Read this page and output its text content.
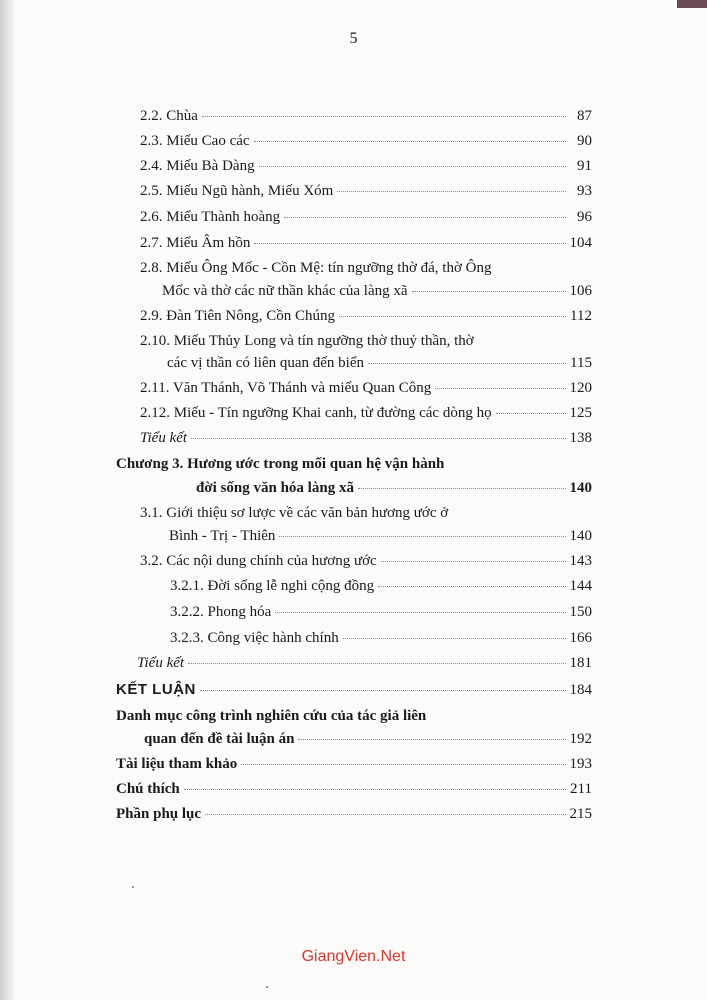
5
2.2. Chùa	87
2.3. Miếu Cao các	90
2.4. Miếu Bà Dàng	91
2.5. Miếu Ngũ hành, Miếu Xóm	93
2.6. Miếu Thành hoàng	96
2.7. Miếu Âm hồn	104
2.8. Miếu Ông Mốc - Cồn Mệ: tín ngưỡng thờ đá, thờ Ông
Mốc và thờ các nữ thần khác của làng xã	106
2.9. Đàn Tiên Nông, Cồn Chúng	112
2.10. Miếu Thủy Long và tín ngưỡng thờ thuỷ thần, thờ
các vị thần có liên quan đến biển	115
2.11. Văn Thánh, Võ Thánh và miếu Quan Công	120
2.12. Miếu - Tín ngưỡng Khai canh, từ đường các dòng họ	125
Tiểu kết	138
Chương 3. Hương ước trong mối quan hệ vận hành
đời sống văn hóa làng xã	140
3.1. Giới thiệu sơ lược về các văn bản hương ước ở
Bình - Trị - Thiên	140
3.2. Các nội dung chính của hương ước	143
3.2.1. Đời sống lễ nghi cộng đồng	144
3.2.2. Phong hóa	150
3.2.3. Công việc hành chính	166
Tiểu kết	181
KẾT LUẬN	184
Danh mục công trình nghiên cứu của tác giả liên
quan đến đề tài luận án	192
Tài liệu tham khảo	193
Chú thích	211
Phần phụ lục	215
GiangVien.Net
